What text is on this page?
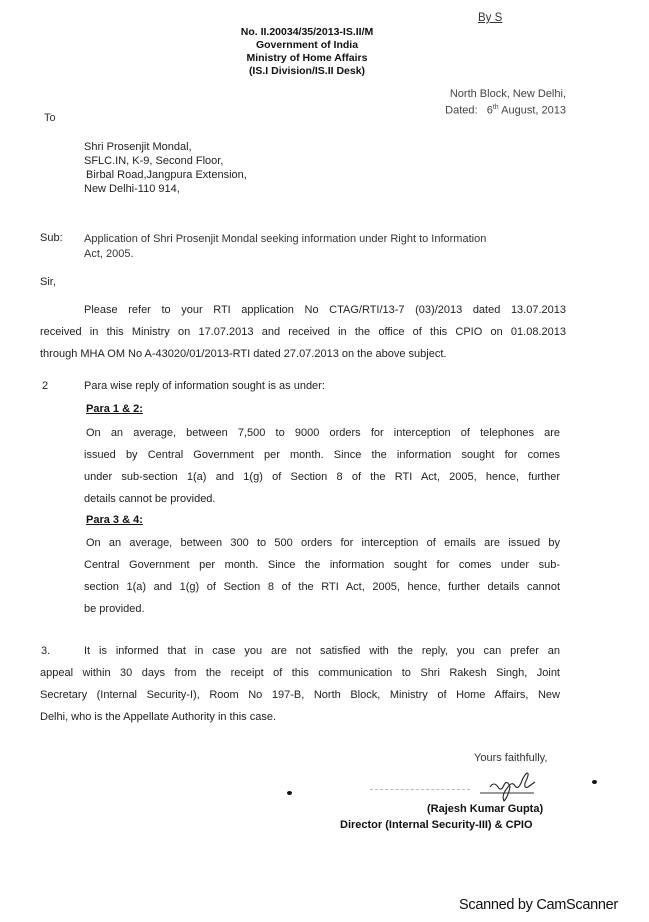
By S
No. II.20034/35/2013-IS.II/M
Government of India
Ministry of Home Affairs
(IS.I Division/IS.II Desk)
North Block, New Delhi,
Dated: 6th August, 2013
To
Shri Prosenjit Mondal,
SFLC.IN, K-9, Second Floor,
Birbal Road,Jangpura Extension,
New Delhi-110 914,
Sub: Application of Shri Prosenjit Mondal seeking information under Right to Information
Act, 2005.
Sir,
Please refer to your RTI application No CTAG/RTI/13-7 (03)/2013 dated 13.07.2013
received in this Ministry on 17.07.2013 and received in the office of this CPIO on 01.08.2013
through MHA OM No A-43020/01/2013-RTI dated 27.07.2013 on the above subject.
2	Para wise reply of information sought is as under:
Para 1 & 2:
On an average, between 7,500 to 9000 orders for interception of telephones are
issued by Central Government per month. Since the information sought for comes
under sub-section 1(a) and 1(g) of Section 8 of the RTI Act, 2005, hence, further
details cannot be provided.
Para 3 & 4:
On an average, between 300 to 500 orders for interception of emails are issued by
Central Government per month. Since the information sought for comes under sub-
section 1(a) and 1(g) of Section 8 of the RTI Act, 2005, hence, further details cannot
be provided.
3.	It is informed that in case you are not satisfied with the reply, you can prefer an
appeal within 30 days from the receipt of this communication to Shri Rakesh Singh, Joint
Secretary (Internal Security-I), Room No 197-B, North Block, Ministry of Home Affairs, New
Delhi, who is the Appellate Authority in this case.
Yours faithfully,
(Rajesh Kumar Gupta)
Director (Internal Security-III) & CPIO
Scanned by CamScanner
